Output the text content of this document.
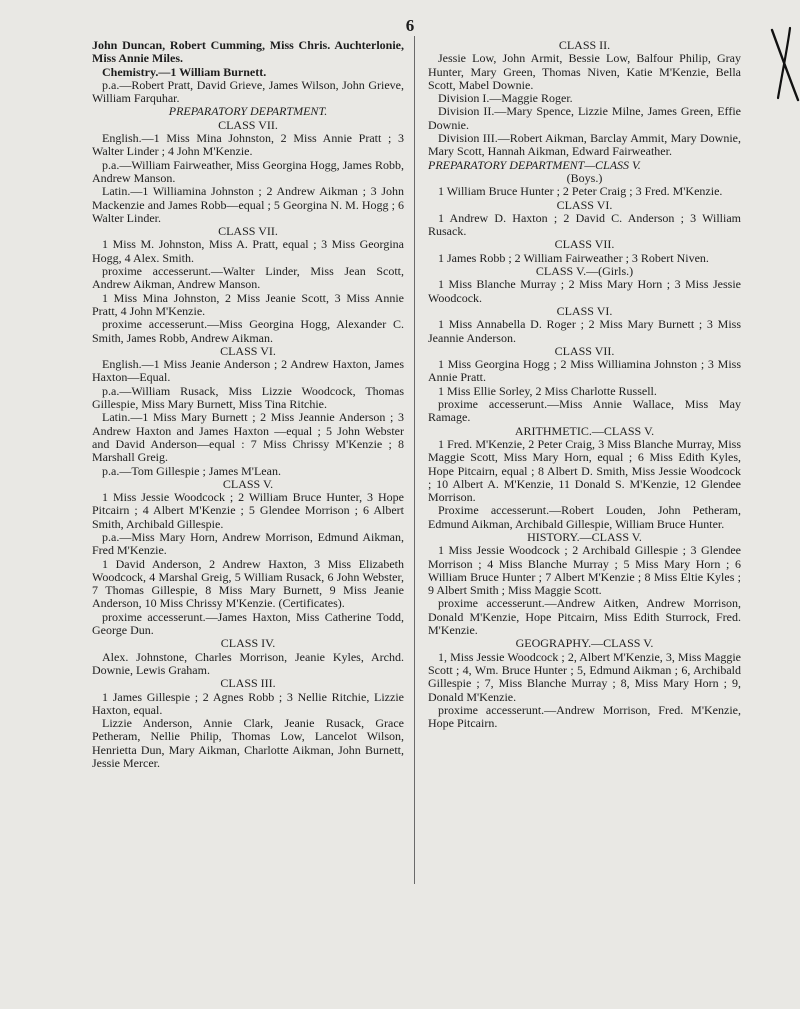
6

John Duncan, Robert Cumming, Miss Chris. Auchterlonie, Miss Annie Miles.

Chemistry.—1 William Burnett.

p.a.—Robert Pratt, David Grieve, James Wilson, John Grieve, William Farquhar.

PREPARATORY DEPARTMENT.

CLASS VII.

English.—1 Miss Mina Johnston, 2 Miss Annie Pratt ; 3 Walter Linder ; 4 John M'Kenzie.

p.a.—William Fairweather, Miss Georgina Hogg, James Robb, Andrew Manson.

Latin.—1 Williamina Johnston ; 2 Andrew Aikman ; 3 John Mackenzie and James Robb—equal ; 5 Georgina N. M. Hogg ; 6 Walter Linder.

CLASS VII.

1 Miss M. Johnston, Miss A. Pratt, equal ; 3 Miss Georgina Hogg, 4 Alex. Smith.

proxime accesserunt.—Walter Linder, Miss Jean Scott, Andrew Aikman, Andrew Manson.

1 Miss Mina Johnston, 2 Miss Jeanie Scott, 3 Miss Annie Pratt, 4 John M'Kenzie.

proxime accesserunt.—Miss Georgina Hogg, Alexander C. Smith, James Robb, Andrew Aikman.

CLASS VI.

English.—1 Miss Jeanie Anderson ; 2 Andrew Haxton, James Haxton—Equal.

p.a.—William Rusack, Miss Lizzie Woodcock, Thomas Gillespie, Miss Mary Burnett, Miss Tina Ritchie.

Latin.—1 Miss Mary Burnett ; 2 Miss Jeannie Anderson ; 3 Andrew Haxton and James Haxton —equal ; 5 John Webster and David Anderson—equal : 7 Miss Chrissy M'Kenzie ; 8 Marshall Greig.

p.a.—Tom Gillespie ; James M'Lean.

CLASS V.

1 Miss Jessie Woodcock ; 2 William Bruce Hunter, 3 Hope Pitcairn ; 4 Albert M'Kenzie ; 5 Glendee Morrison ; 6 Albert Smith, Archibald Gillespie.

p.a.—Miss Mary Horn, Andrew Morrison, Edmund Aikman, Fred M'Kenzie.

1 David Anderson, 2 Andrew Haxton, 3 Miss Elizabeth Woodcock, 4 Marshal Greig, 5 William Rusack, 6 John Webster, 7 Thomas Gillespie, 8 Miss Mary Burnett, 9 Miss Jeanie Anderson, 10 Miss Chrissy M'Kenzie. (Certificates).

proxime accesserunt.—James Haxton, Miss Catherine Todd, George Dun.

CLASS IV.

Alex. Johnstone, Charles Morrison, Jeanie Kyles, Archd. Downie, Lewis Graham.

CLASS III.

1 James Gillespie ; 2 Agnes Robb ; 3 Nellie Ritchie, Lizzie Haxton, equal.

Lizzie Anderson, Annie Clark, Jeanie Rusack, Grace Petheram, Nellie Philip, Thomas Low, Lancelot Wilson, Henrietta Dun, Mary Aikman, Charlotte Aikman, John Burnett, Jessie Mercer.

CLASS II.

Jessie Low, John Armit, Bessie Low, Balfour Philip, Gray Hunter, Mary Green, Thomas Niven, Katie M'Kenzie, Bella Scott, Mabel Downie.

Division I.—Maggie Roger.

Division II.—Mary Spence, Lizzie Milne, James Green, Effie Downie.

Division III.—Robert Aikman, Barclay Ammit, Mary Downie, Mary Scott, Hannah Aikman, Edward Fairweather.

PREPARATORY DEPARTMENT—CLASS V.

(Boys.)

1 William Bruce Hunter ; 2 Peter Craig ; 3 Fred. M'Kenzie.

CLASS VI.

1 Andrew D. Haxton ; 2 David C. Anderson ; 3 William Rusack.

CLASS VII.

1 James Robb ; 2 William Fairweather ; 3 Robert Niven.

CLASS V.—(Girls.)

1 Miss Blanche Murray ; 2 Miss Mary Horn ; 3 Miss Jessie Woodcock.

CLASS VI.

1 Miss Annabella D. Roger ; 2 Miss Mary Burnett ; 3 Miss Jeannie Anderson.

CLASS VII.

1 Miss Georgina Hogg ; 2 Miss Williamina Johnston ; 3 Miss Annie Pratt.

1 Miss Ellie Sorley, 2 Miss Charlotte Russell.

proxime accesserunt.—Miss Annie Wallace, Miss May Ramage.

ARITHMETIC.—CLASS V.

1 Fred. M'Kenzie, 2 Peter Craig, 3 Miss Blanche Murray, Miss Maggie Scott, Miss Mary Horn, equal ; 6 Miss Edith Kyles, Hope Pitcairn, equal ; 8 Albert D. Smith, Miss Jessie Woodcock ; 10 Albert A. M'Kenzie, 11 Donald S. M'Kenzie, 12 Glendee Morrison.

Proxime accesserunt.—Robert Louden, John Petheram, Edmund Aikman, Archibald Gillespie, William Bruce Hunter.

HISTORY.—CLASS V.

1 Miss Jessie Woodcock ; 2 Archibald Gillespie ; 3 Glendee Morrison ; 4 Miss Blanche Murray ; 5 Miss Mary Horn ; 6 William Bruce Hunter ; 7 Albert M'Kenzie ; 8 Miss Eltie Kyles ; 9 Albert Smith ; Miss Maggie Scott.

proxime accesserunt.—Andrew Aitken, Andrew Morrison, Donald M'Kenzie, Hope Pitcairn, Miss Edith Sturrock, Fred. M'Kenzie.

GEOGRAPHY.—CLASS V.

1, Miss Jessie Woodcock ; 2, Albert M'Kenzie, 3, Miss Maggie Scott ; 4, Wm. Bruce Hunter ; 5, Edmund Aikman ; 6, Archibald Gillespie ; 7, Miss Blanche Murray ; 8, Miss Mary Horn ; 9, Donald M'Kenzie.

proxime accesserunt.—Andrew Morrison, Fred. M'Kenzie, Hope Pitcairn.
